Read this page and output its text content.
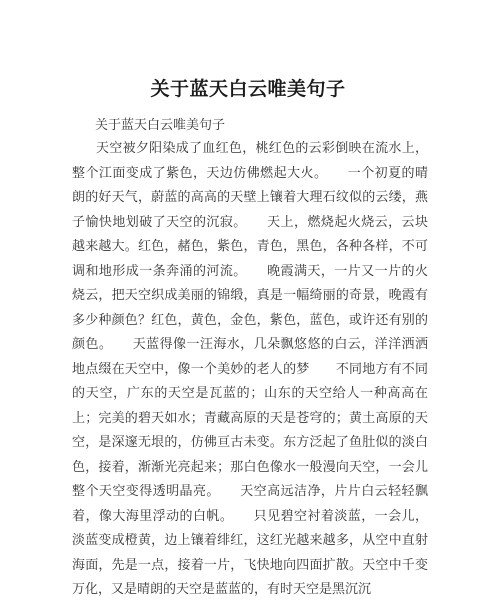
关于蓝天白云唯美句子
关于蓝天白云唯美句子

天空被夕阳染成了血红色，桃红色的云彩倒映在流水上，整个江面变成了紫色，天边仿佛燃起大火。　　一个初夏的晴朗的好天气，蔚蓝的高高的天壁上镶着大理石纹似的云缕，燕子愉快地划破了天空的沉寂。　　天上，燃烧起火烧云，云块越来越大。红色，赭色，紫色，青色，黑色，各种各样，不可调和地形成一条奔涌的河流。　　晚霞满天，一片又一片的火烧云，把天空织成美丽的锦缎，真是一幅绮丽的奇景，晚霞有多少种颜色？红色，黄色，金色，紫色，蓝色，或许还有别的颜色。　　天蓝得像一汪海水，几朵飘悠悠的白云，洋洋洒洒地点缀在天空中，像一个美妙的老人的梦　　不同地方有不同的天空，广东的天空是瓦蓝的；山东的天空给人一种高高在上；完美的碧天如水；青藏高原的天是苍穹的；黄土高原的天空，是深邃无垠的，仿佛亘古未变。东方泛起了鱼肚似的淡白色，接着，渐渐光亮起来；那白色像水一般漫向天空，一会儿整个天空变得透明晶亮。　　天空高远洁净，片片白云轻轻飘着，像大海里浮动的白帆。　　只见碧空衬着淡蓝，一会儿，淡蓝变成橙黄，边上镶着绯红，这红光越来越多，从空中直射海面，先是一点，接着一片，飞快地向四面扩散。天空中千变万化，又是晴朗的天空是蓝蓝的，有时天空是黑沉沉
